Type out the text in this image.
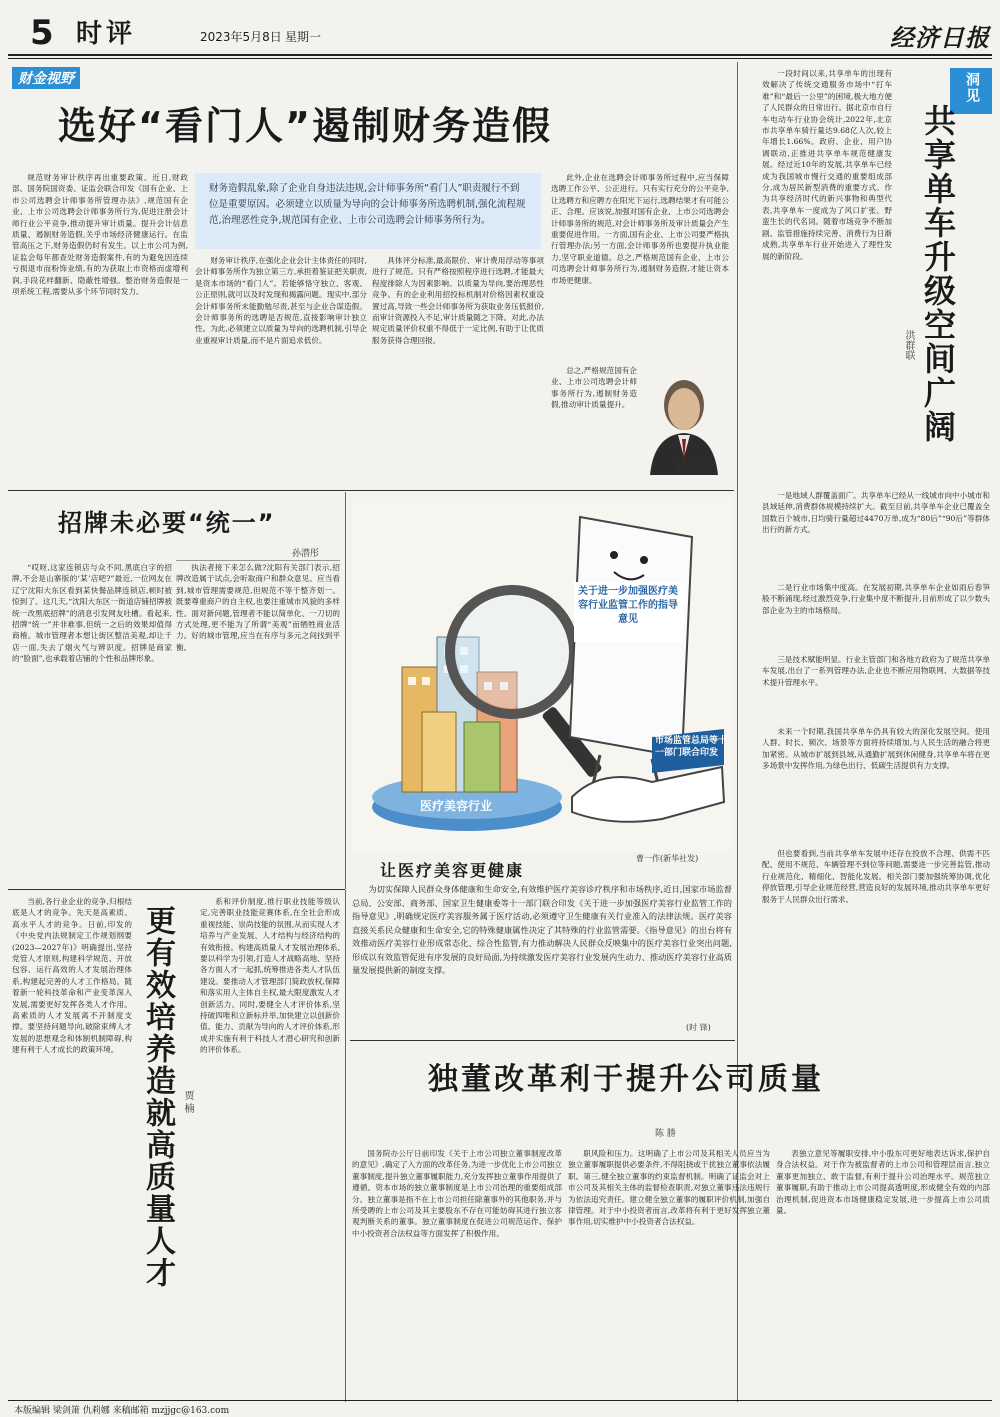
5 时评	2023年5月8日 星期一	经济日报
财金视野
选好“看门人”遏制财务造假

财务造假乱象,除了企业自身违法违规,会计师事务所“看门人”职责履行不到位是重要原因。必须建立以质量为导向的会计师事务所选聘机制,强化流程规范,治理恶性竞争,规范国有企业、上市公司选聘会计师事务所行为。

规范财务审计秩序再出重要政策。近日,财政部、国务院国资委、证监会联合印发《国有企业、上市公司选聘会计师事务所管理办法》,规范国有企业、上市公司选聘会计师事务所行为,促进注册会计师行业公平竞争,推动提升审计质量。提升会计信息质量、遏制财务造假,关乎市场经济健康运行。在监管高压之下,财务造假仍时有发生。以上市公司为例,证监会每年都查处财务造假案件,有的为避免因连续亏损退市而粉饰业绩,有的为获取上市资格而虚增利润,手段花样翻新、隐蔽性增强。整治财务造假是一项系统工程,需要从多个环节同时发力。

财务审计秩序,在强化企业会计主体责任的同时,会计师事务所作为独立第三方,承担着鉴证把关职责,是资本市场的“看门人”。若能够恪守独立、客观、公正原则,就可以及时发现和揭露问题。现实中,部分会计师事务所未能勤勉尽责,甚至与企业合谋造假。会计师事务所的选聘是否规范,直接影响审计独立性。为此,必须建立以质量为导向的选聘机制,引导企业重视审计质量,而不是片面追求低价。

具体评分标准,最高限价、审计费用浮动等事项进行了规范。只有严格按照程序进行选聘,才能最大程度排除人为因素影响。以质量为导向,要治理恶性竞争。有的企业利用招投标机制对价格因素权重设置过高,导致一些会计师事务所为获取业务压低报价,而审计资源投入不足,审计质量随之下降。对此,办法规定质量评价权重不得低于一定比例,有助于让优质服务获得合理回报。

此外,企业在选聘会计师事务所过程中,应当保障选聘工作公平、公正进行。只有实行充分的公平竞争,让选聘方和应聘方在阳光下运行,选聘结果才有可能公正、合理。应该说,加强对国有企业、上市公司选聘会计师事务所的规范,对会计师事务所及审计质量会产生重要促进作用。一方面,国有企业、上市公司要严格执行管理办法;另一方面,会计师事务所也要提升执业能力,坚守职业道德。总之,严格规范国有企业、上市公司选聘会计师事务所行为,遏制财务造假,才能让资本市场更健康。

曾金华

总之,严格规范国有企业、上市公司选聘会计师事务所行为,遏制财务造假,推动审计质量提升。

招牌未必要“统一”
孙潜彤

“哎呀,这家连锁店与众不同,黑底白字的招牌,不会是山寨版的‘某’店吧?”最近,一位网友在辽宁沈阳大东区看到某快餐品牌连锁店,顿时被惊到了。这几天,“沈阳大东区一街道店铺招牌被统一改黑底招牌”的消息引发网友吐槽。看起来,招牌“统一”并非难事,但统一之后的效果却值得商榷。城市管理者本想让街区整洁美观,却让千店一面,失去了烟火气与辨识度。招牌是商家的“脸面”,也承载着店铺的个性和品牌形象。

执法者接下来怎么做?沈阳有关部门表示,招牌改造属于试点,会听取商户和群众意见。应当看到,城市管理需要规范,但规范不等于整齐划一。既要尊重商户的自主权,也要注重城市风貌的多样性。面对新问题,管理者不能以简单化、一刀切的方式处理,更不能为了所谓“美观”而牺牲商业活力。好的城市管理,应当在有序与多元之间找到平衡。

关于进一步加强医疗美容行业监管工作的指导意见
市场监管总局等十一部门联合印发
医疗美容行业
曹一作(新华社发)
让医疗美容更健康

为切实保障人民群众身体健康和生命安全,有效维护医疗美容诊疗秩序和市场秩序,近日,国家市场监督总局、公安部、商务部、国家卫生健康委等十一部门联合印发《关于进一步加强医疗美容行业监管工作的指导意见》,明确规定医疗美容服务属于医疗活动,必须遵守卫生健康有关行业准入的法律法规。医疗美容直接关系民众健康和生命安全,它的特殊健康属性决定了其特殊的行业监管需要。《指导意见》的出台将有效推动医疗美容行业形成常态化、综合性监管,有力推动解决人民群众反映集中的医疗美容行业突出问题,形成以有效监管促进有序发展的良好局面,为持续激发医疗美容行业发展内生动力、推动医疗美容行业高质量发展提供新的制度支撑。

(时 锋)

当前,各行业企业的竞争,归根结底是人才的竞争。先天是高素质、高水平人才的竞争。日前,印发的《中央党内法规制定工作规划纲要(2023—2027年)》明确提出,坚持党管人才原则,构建科学规范、开放包容、运行高效的人才发展治理体系,构建起完善的人才工作格局。随着新一轮科技革命和产业变革深入发展,需要更好发挥各类人才作用。高素质的人才发展离不开制度支撑。要坚持问题导向,破除束缚人才发展的思想观念和体制机制障碍,构建有利于人才成长的政策环境。 更有效培养造就高质量人才 贾 楠

系和评价制度,推行职业技能等级认定,完善职业技能竞赛体系,在全社会形成重视技能、崇尚技能的氛围,从而实现人才培养与产业发展、人才结构与经济结构的有效衔接。构建高质量人才发展治理体系,要以科学为引领,打造人才战略高地、坚持各方面人才一起抓,统筹推进各类人才队伍建设。要推动人才管理部门简政放权,保障和落实用人主体自主权,最大限度激发人才创新活力。同时,要健全人才评价体系,坚持破四唯和立新标并举,加快建立以创新价值、能力、贡献为导向的人才评价体系,形成并实施有利于科技人才潜心研究和创新的评价体系。

独董改革利于提升公司质量
陈 勝

国务院办公厅日前印发《关于上市公司独立董事制度改革的意见》,确定了入方面的改革任务,为进一步优化上市公司独立董事制度,提升独立董事履职能力,充分发挥独立董事作用提供了遵循。资本市场的独立董事制度是上市公司治理的重要组成部分。独立董事是指不在上市公司担任除董事外的其他职务,并与所受聘的上市公司及其主要股东不存在可能妨碍其进行独立客观判断关系的董事。独立董事制度在促进公司规范运作、保护中小投资者合法权益等方面发挥了积极作用。

职风险和压力。这明确了上市公司及其相关人员应当为独立董事履职提供必要条件,不得阻挠或干扰独立董事依法履职。第三,健全独立董事的约束监督机制。明确了证监会对上市公司及其相关主体的监督检查职责,对独立董事违法违规行为依法追究责任。建立健全独立董事的履职评价机制,加强自律管理。对于中小投资者而言,改革将有利于更好发挥独立董事作用,切实维护中小投资者合法权益。

表独立意见等履职安排,中小股东可更好地表达诉求,保护自身合法权益。对于作为被监督者的上市公司和管理层而言,独立董事更加独立、敢于监督,有利于提升公司治理水平。规范独立董事履职,有助于推动上市公司提高透明度,形成健全有效的内部治理机制,促进资本市场健康稳定发展,进一步提高上市公司质量。

洞见
共享单车升级空间广阔
洪群联

一段时间以来,共享单车的出现有效解决了传统交通服务市场中“打车难”和“最后一公里”的困境,极大地方便了人民群众的日常出行。据北京市自行车电动车行业协会统计,2022年,北京市共享单车骑行量达9.68亿人次,较上年增长1.66%。政府、企业、用户协调联动,正推进共享单车规范健康发展。经过近10年的发展,共享单车已经成为我国城市慢行交通的重要组成部分,成为居民新型消费的重要方式。作为共享经济时代的新兴事物和典型代表,共享单车一度成为了风口扩张、野蛮生长的代名词。随着市场竞争不断加剧、监管措施持续完善、消费行为日渐成熟,共享单车行业开始进入了理性发展的新阶段。

一是地域人群覆盖面广。共享单车已经从一线城市向中小城市和县域延伸,消费群体规模持续扩大。截至目前,共享单车企业已覆盖全国数百个城市,日均骑行量超过4470万单,成为“80后”“90后”等群体出行的新方式。

二是行业市场集中度高。在发展初期,共享单车企业如雨后春笋般不断涌现,经过激烈竞争,行业集中度不断提升,目前形成了以少数头部企业为主的市场格局。

三是技术赋能明显。行业主管部门和各地方政府为了规范共享单车发展,出台了一系列管理办法,企业也不断应用物联网、大数据等技术提升管理水平。

未来一个时期,我国共享单车仍具有较大的深化发展空间。使用人群、时长、频次、场景等方面将持续增加,与人民生活的融合将更加紧密。从城市扩展到县域,从通勤扩展到休闲健身,共享单车将在更多场景中发挥作用,为绿色出行、低碳生活提供有力支撑。

但也要看到,当前共享单车发展中还存在投放不合理、供需不匹配、使用不规范、车辆管理不到位等问题,需要进一步完善监管,推动行业规范化、精细化、智能化发展。相关部门要加强统筹协调,优化停放管理,引导企业规范经营,营造良好的发展环境,推动共享单车更好服务于人民群众出行需求。

本版编辑 梁剑箫 仇莉娜 来稿邮箱 mzjjgc@163.com
